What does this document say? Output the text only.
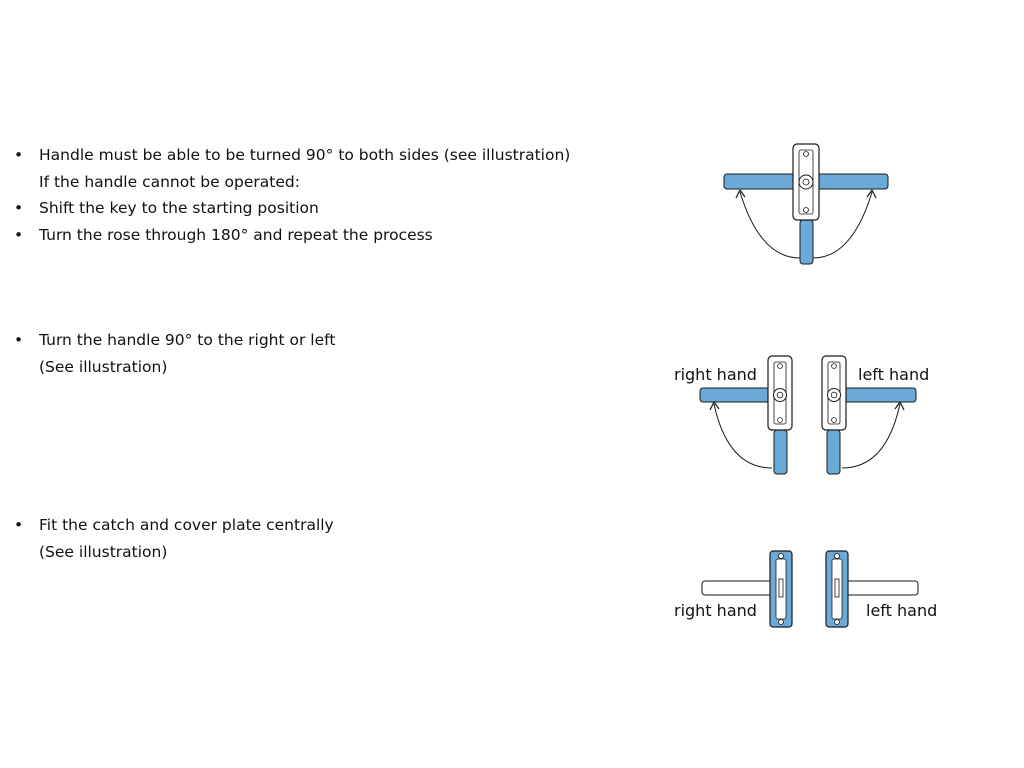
•	Handle must be able to be turned 90° to both sides (see illustration)
If the handle cannot be operated:
•	Shift the key to the starting position
•	Turn the rose through 180° and repeat the process
•	Turn the handle 90° to the right or left
(See illustration)
•	Fit the catch and cover plate centrally
(See illustration)
right hand	left hand
right hand	left hand
